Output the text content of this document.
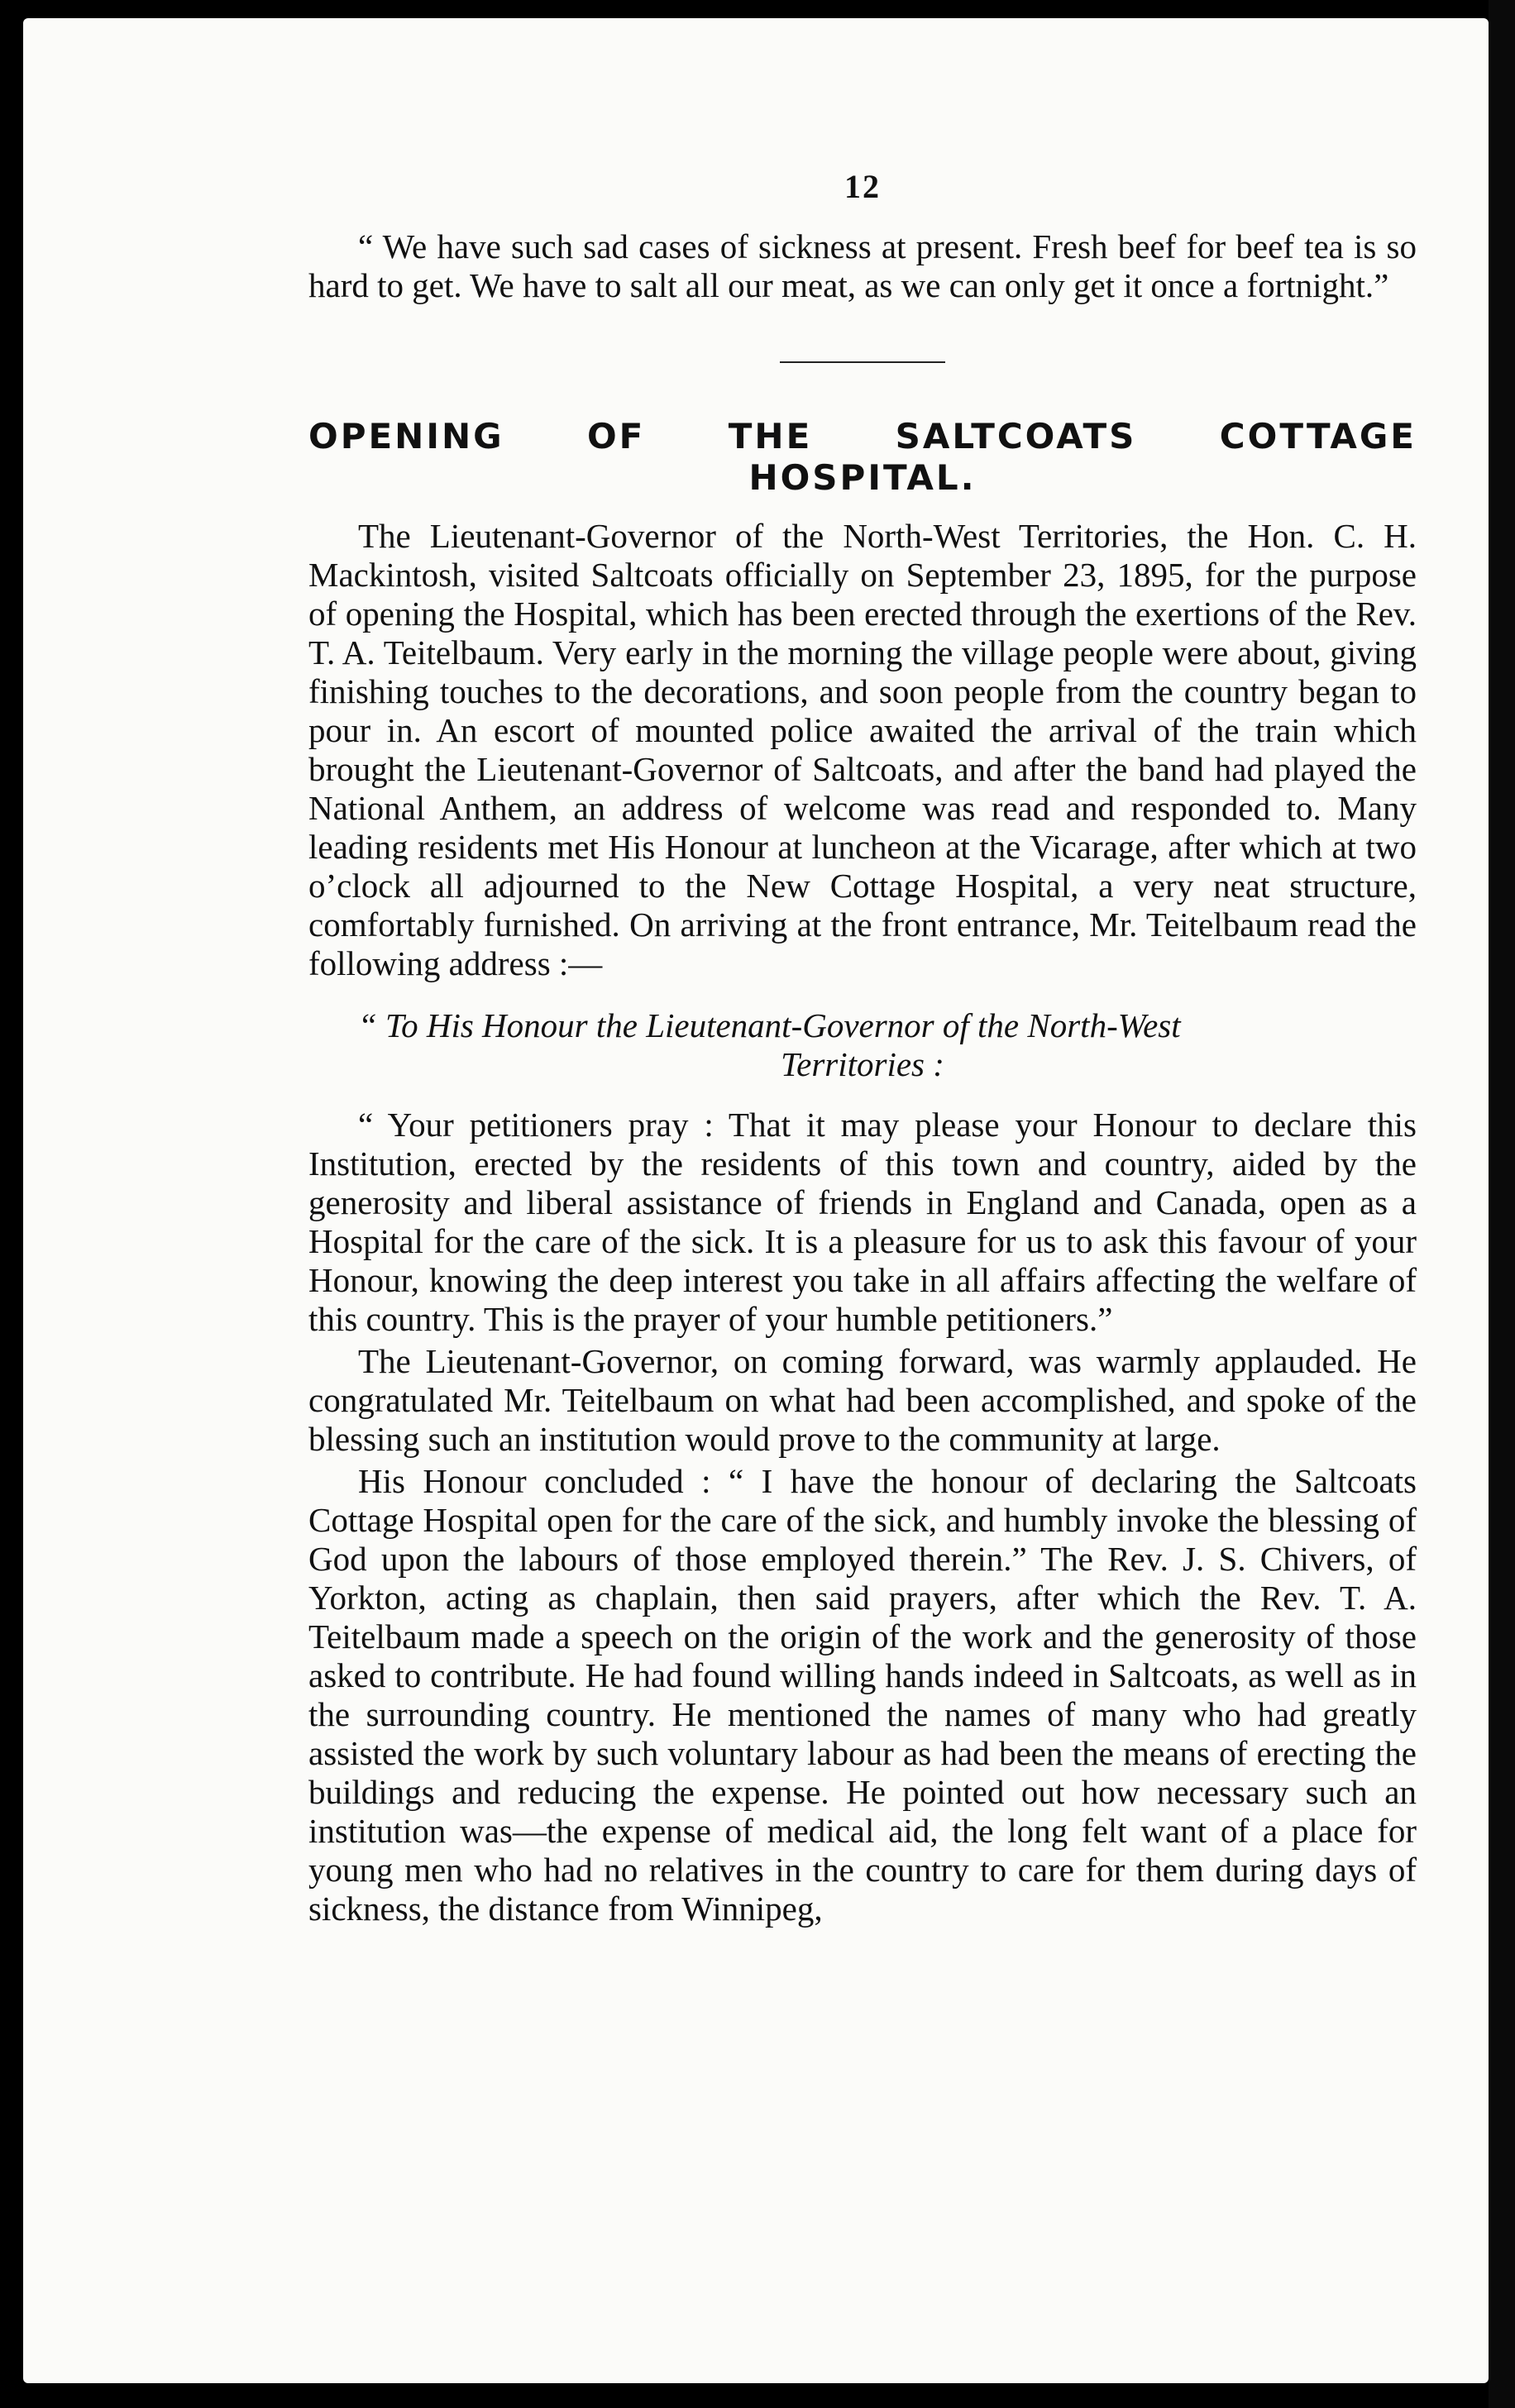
12

“ We have such sad cases of sickness at present. Fresh beef for beef tea is so hard to get. We have to salt all our meat, as we can only get it once a fortnight.”

OPENING OF THE SALTCOATS COTTAGE
HOSPITAL.

The Lieutenant-Governor of the North-West Territories, the Hon. C. H. Mackintosh, visited Saltcoats officially on September 23, 1895, for the purpose of opening the Hospital, which has been erected through the exertions of the Rev. T. A. Teitelbaum. Very early in the morning the village people were about, giving finishing touches to the decorations, and soon people from the country began to pour in. An escort of mounted police awaited the arrival of the train which brought the Lieutenant-Governor of Saltcoats, and after the band had played the National Anthem, an address of welcome was read and responded to. Many leading residents met His Honour at luncheon at the Vicarage, after which at two o’clock all adjourned to the New Cottage Hospital, a very neat structure, comfortably furnished. On arriving at the front entrance, Mr. Teitelbaum read the following address :—

“ To His Honour the Lieutenant-Governor of the North-West
Territories :

“ Your petitioners pray : That it may please your Honour to declare this Institution, erected by the residents of this town and country, aided by the generosity and liberal assistance of friends in England and Canada, open as a Hospital for the care of the sick. It is a pleasure for us to ask this favour of your Honour, knowing the deep interest you take in all affairs affecting the welfare of this country. This is the prayer of your humble petitioners.”

The Lieutenant-Governor, on coming forward, was warmly applauded. He congratulated Mr. Teitelbaum on what had been accomplished, and spoke of the blessing such an institution would prove to the community at large.

His Honour concluded : “ I have the honour of declaring the Saltcoats Cottage Hospital open for the care of the sick, and humbly invoke the blessing of God upon the labours of those employed therein.” The Rev. J. S. Chivers, of Yorkton, acting as chaplain, then said prayers, after which the Rev. T. A. Teitelbaum made a speech on the origin of the work and the generosity of those asked to contribute. He had found willing hands indeed in Saltcoats, as well as in the surrounding country. He mentioned the names of many who had greatly assisted the work by such voluntary labour as had been the means of erecting the buildings and reducing the expense. He pointed out how necessary such an institution was—the expense of medical aid, the long felt want of a place for young men who had no relatives in the country to care for them during days of sickness, the distance from Winnipeg,
